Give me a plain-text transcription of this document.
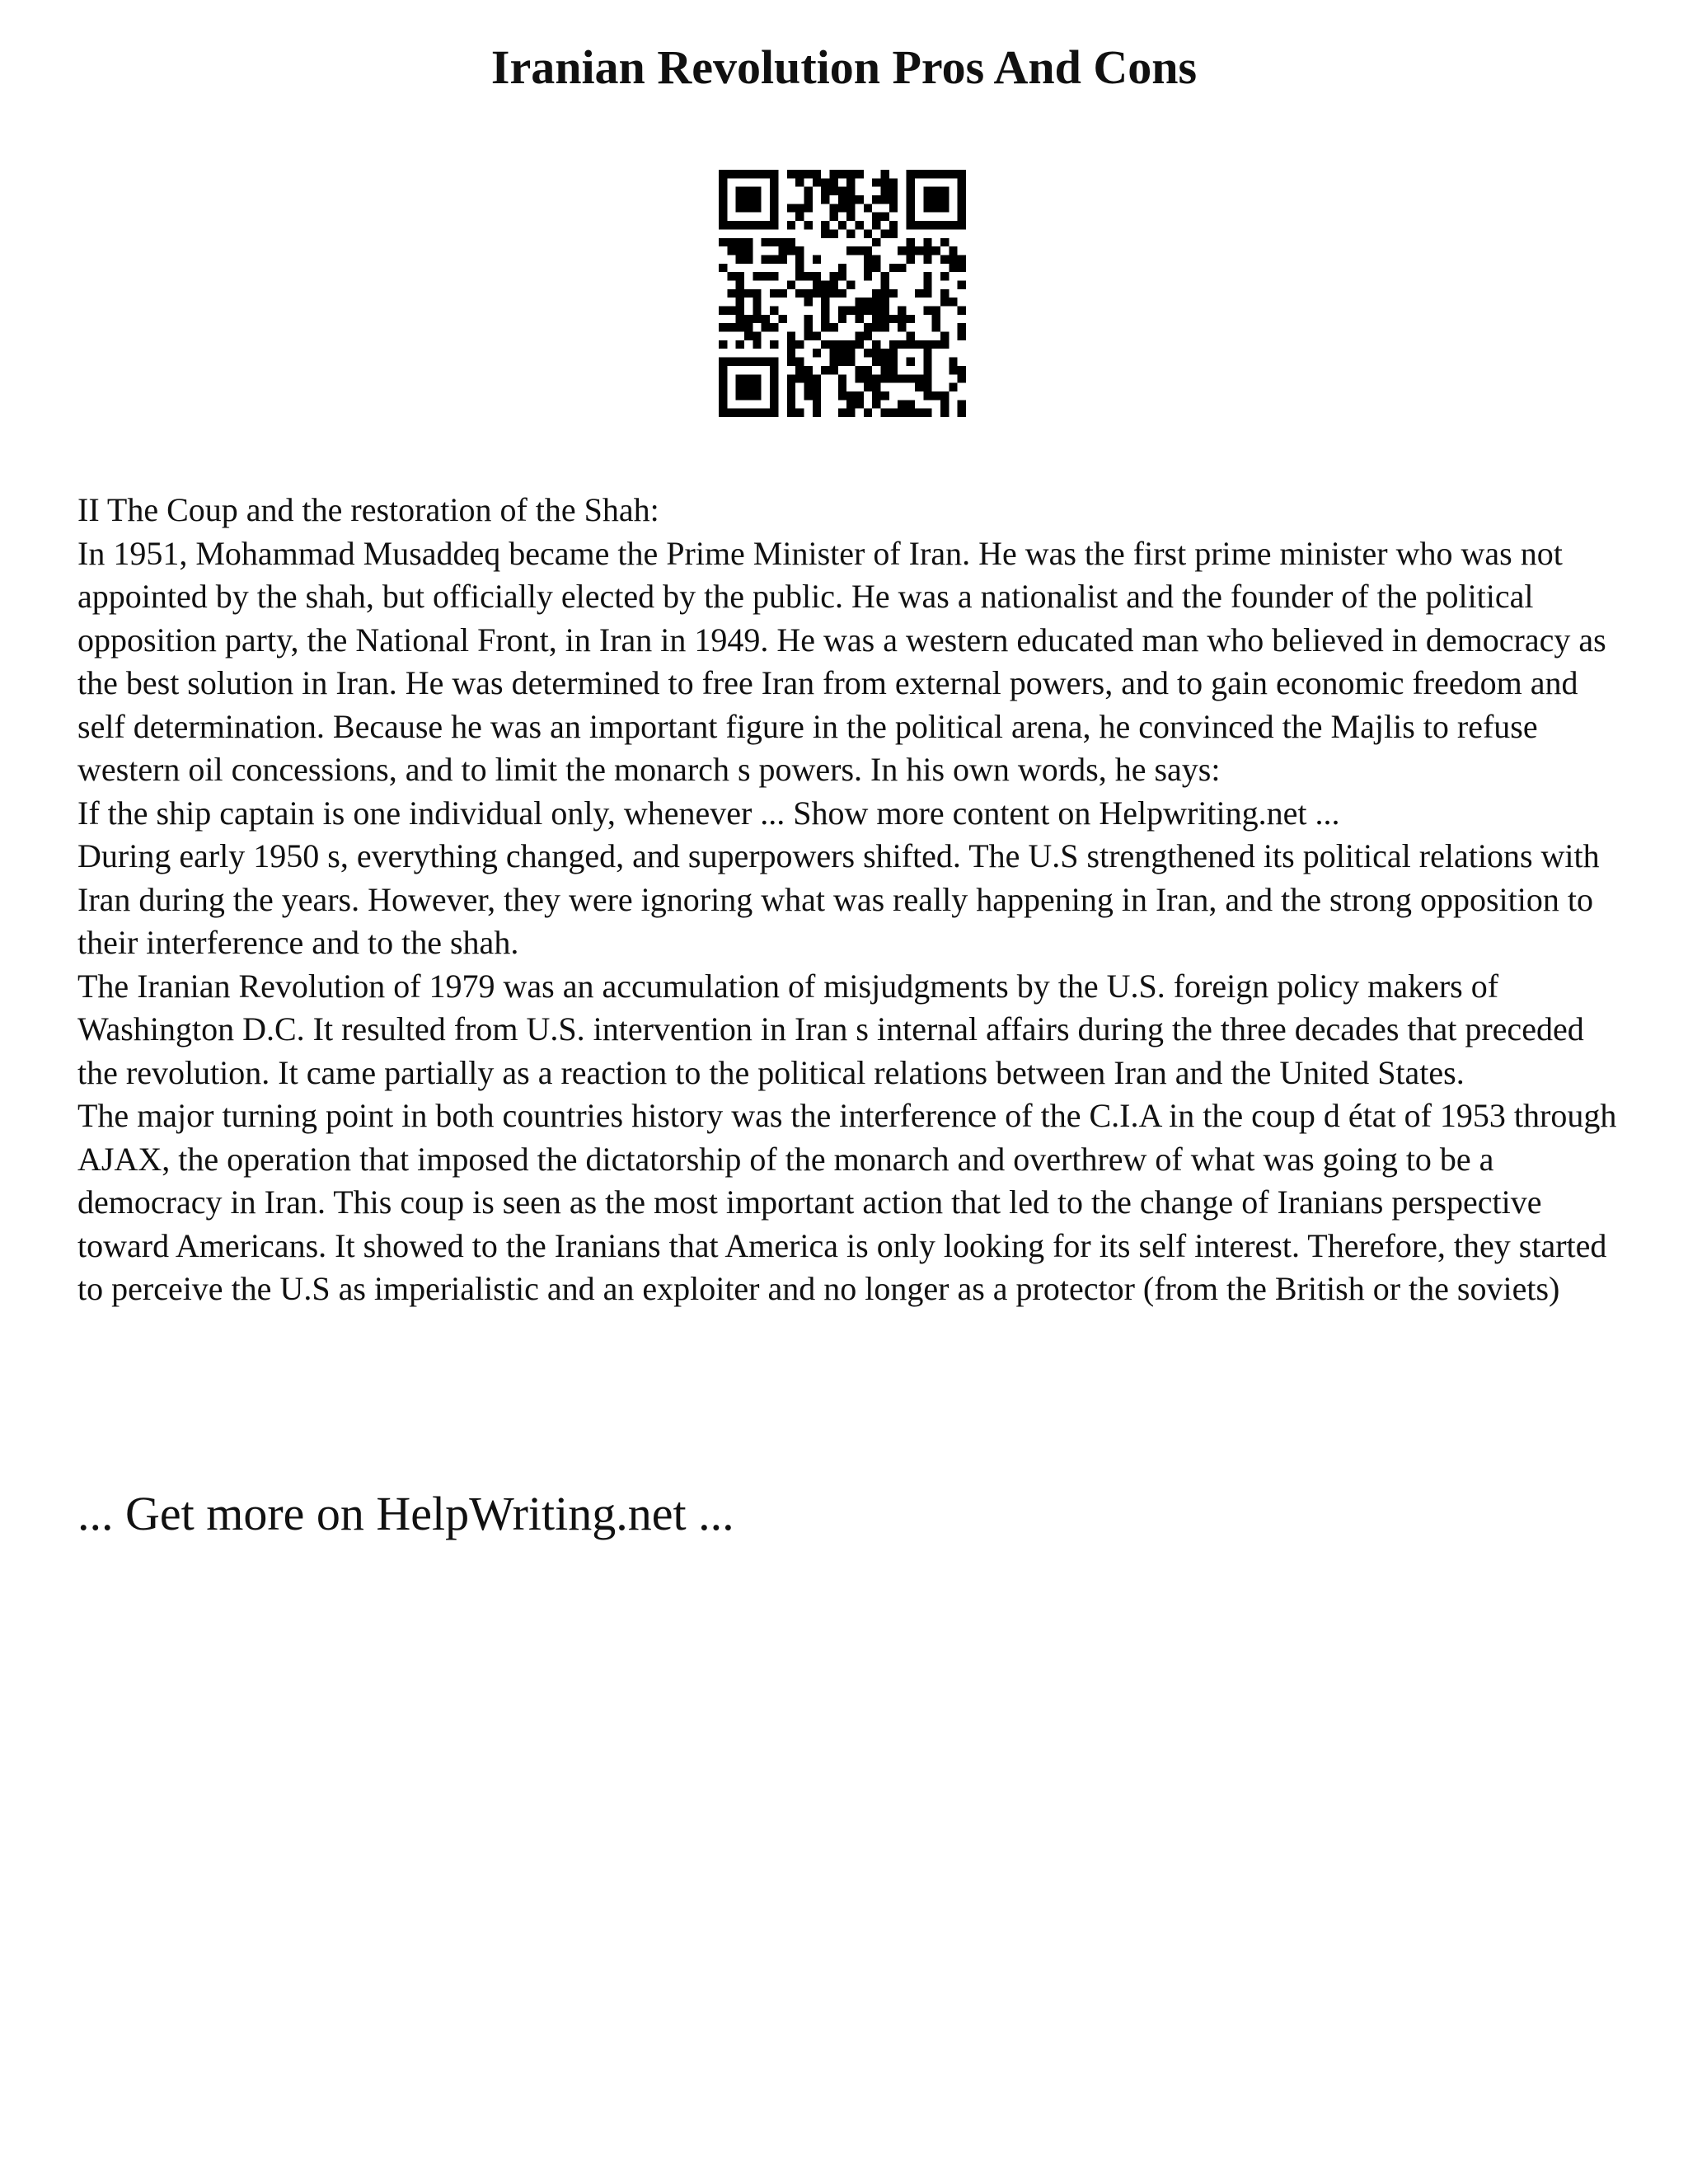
Iranian Revolution Pros And Cons

II The Coup and the restoration of the Shah:

In 1951, Mohammad Musaddeq became the Prime Minister of Iran. He was the first prime minister who was not appointed by the shah, but officially elected by the public. He was a nationalist and the founder of the political opposition party, the National Front, in Iran in 1949. He was a western educated man who believed in democracy as the best solution in Iran. He was determined to free Iran from external powers, and to gain economic freedom and self determination. Because he was an important figure in the political arena, he convinced the Majlis to refuse western oil concessions, and to limit the monarch s powers. In his own words, he says:

If the ship captain is one individual only, whenever ... Show more content on Helpwriting.net ...

During early 1950 s, everything changed, and superpowers shifted. The U.S strengthened its political relations with Iran during the years. However, they were ignoring what was really happening in Iran, and the strong opposition to their interference and to the shah.

The Iranian Revolution of 1979 was an accumulation of misjudgments by the U.S. foreign policy makers of Washington D.C. It resulted from U.S. intervention in Iran s internal affairs during the three decades that preceded the revolution. It came partially as a reaction to the political relations between Iran and the United States.

The major turning point in both countries history was the interference of the C.I.A in the coup d état of 1953 through AJAX, the operation that imposed the dictatorship of the monarch and overthrew of what was going to be a democracy in Iran. This coup is seen as the most important action that led to the change of Iranians perspective toward Americans. It showed to the Iranians that America is only looking for its self interest. Therefore, they started to perceive the U.S as imperialistic and an exploiter and no longer as a protector (from the British or the soviets)

... Get more on HelpWriting.net ...
